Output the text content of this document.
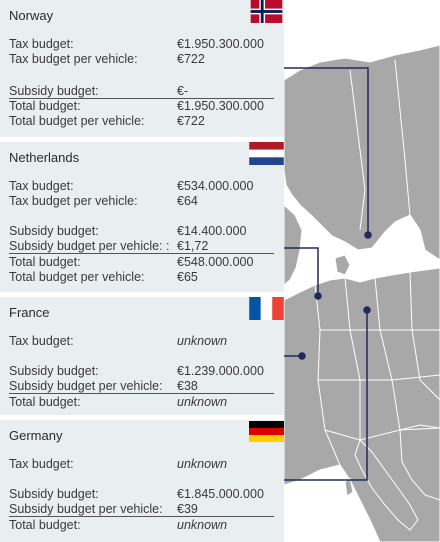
Norway
Tax budget:	€1.950.300.000
Tax budget per vehicle:	€722
Subsidy budget:	€-
Total budget:	€1.950.300.000
Total budget per vehicle:	€722
Netherlands
Tax budget:	€534.000.000
Tax budget per vehicle:	€64
Subsidy budget:	€14.400.000
Subsidy budget per vehicle: : €1,72
Total budget:	€548.000.000
Total budget per vehicle:	€65
France
Tax budget:	unknown
Subsidy budget:	€1.239.000.000
Subsidy budget per vehicle: €38
Total budget:	unknown
Germany
Tax budget:	unknown
Subsidy budget:	€1.845.000.000
Subsidy budget per vehicle: €39
Total budget:	unknown
